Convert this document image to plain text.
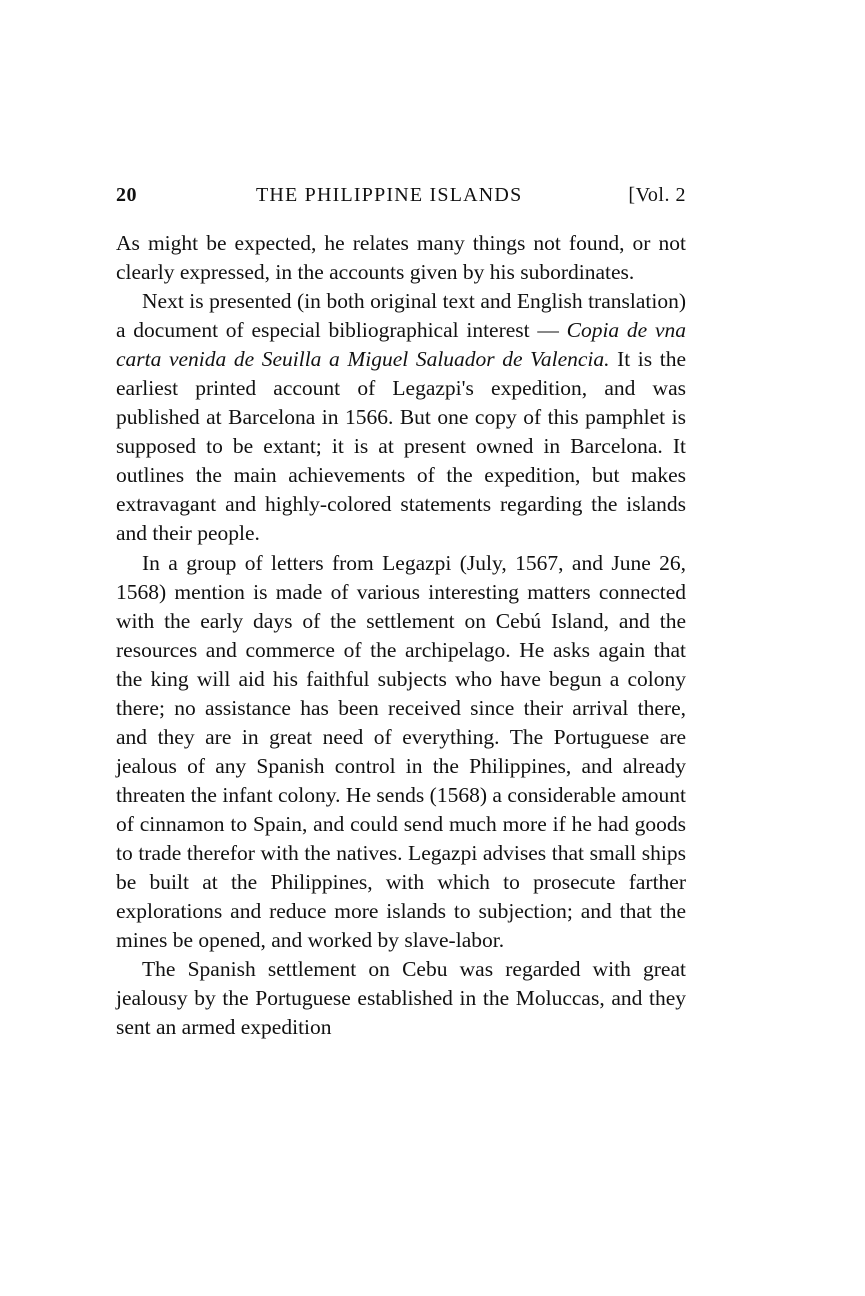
20	THE PHILIPPINE ISLANDS	[Vol. 2

As might be expected, he relates many things not found, or not clearly expressed, in the accounts given by his subordinates.

Next is presented (in both original text and English translation) a document of especial bibliographical interest — Copia de vna carta venida de Seuilla a Miguel Saluador de Valencia. It is the earliest printed account of Legazpi's expedition, and was published at Barcelona in 1566. But one copy of this pamphlet is supposed to be extant; it is at present owned in Barcelona. It outlines the main achievements of the expedition, but makes extravagant and highly-colored statements regarding the islands and their people.

In a group of letters from Legazpi (July, 1567, and June 26, 1568) mention is made of various interesting matters connected with the early days of the settlement on Cebú Island, and the resources and commerce of the archipelago. He asks again that the king will aid his faithful subjects who have begun a colony there; no assistance has been received since their arrival there, and they are in great need of everything. The Portuguese are jealous of any Spanish control in the Philippines, and already threaten the infant colony. He sends (1568) a considerable amount of cinnamon to Spain, and could send much more if he had goods to trade therefor with the natives. Legazpi advises that small ships be built at the Philippines, with which to prosecute farther explorations and reduce more islands to subjection; and that the mines be opened, and worked by slave-labor.

The Spanish settlement on Cebu was regarded with great jealousy by the Portuguese established in the Moluccas, and they sent an armed expedition
